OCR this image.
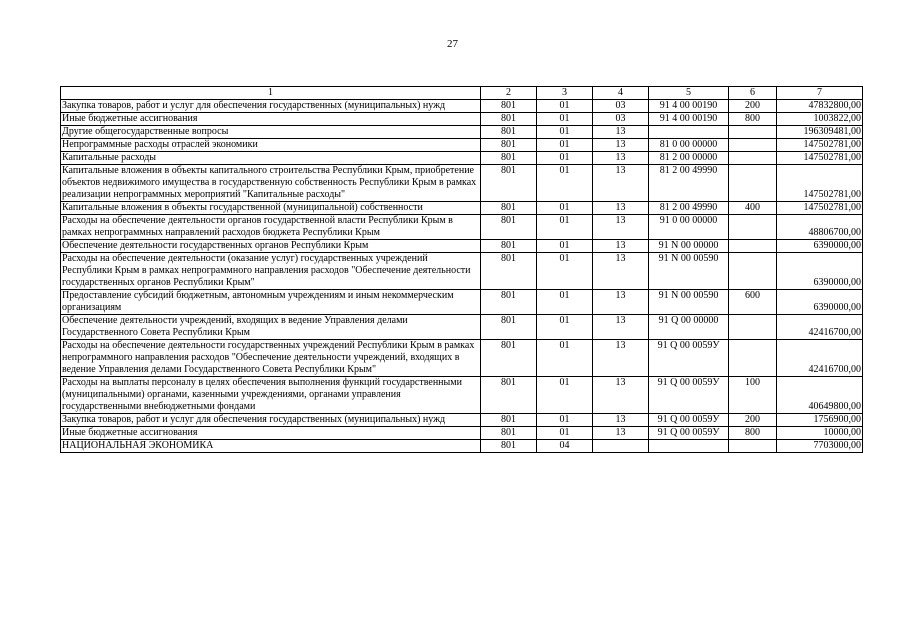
27
1	2	3	4	5	6	7
Закупка товаров, работ и услуг для обеспечения государственных (муниципальных) нужд	801	01	03	91 4 00 00190	200	47832800,00
Иные бюджетные ассигнования	801	01	03	91 4 00 00190	800	1003822,00
Другие общегосударственные вопросы	801	01	13			196309481,00
Непрограммные расходы отраслей экономики	801	01	13	81 0 00 00000		147502781,00
Капитальные расходы	801	01	13	81 2 00 00000		147502781,00
Капитальные вложения в объекты капитального строительства Республики Крым, приобретение объектов недвижимого имущества в государственную собственность Республики Крым в рамках реализации непрограммных мероприятий "Капитальные расходы"	801	01	13	81 2 00 49990		147502781,00
Капитальные вложения в объекты государственной (муниципальной) собственности	801	01	13	81 2 00 49990	400	147502781,00
Расходы на обеспечение деятельности органов государственной власти Республики Крым в рамках непрограммных направлений расходов бюджета Республики Крым	801	01	13	91 0 00 00000		48806700,00
Обеспечение деятельности государственных органов Республики Крым	801	01	13	91 N 00 00000		6390000,00
Расходы на обеспечение деятельности (оказание услуг) государственных учреждений Республики Крым в рамках непрограммного направления расходов "Обеспечение деятельности государственных органов Республики Крым"	801	01	13	91 N 00 00590		6390000,00
Предоставление субсидий бюджетным, автономным учреждениям и иным некоммерческим организациям	801	01	13	91 N 00 00590	600	6390000,00
Обеспечение деятельности учреждений, входящих в ведение Управления делами Государственного Совета Республики Крым	801	01	13	91 Q 00 00000		42416700,00
Расходы на обеспечение деятельности государственных учреждений Республики Крым в рамках непрограммного направления расходов "Обеспечение деятельности учреждений, входящих в ведение Управления делами Государственного Совета Республики Крым"	801	01	13	91 Q 00 0059У		42416700,00
Расходы на выплаты персоналу в целях обеспечения выполнения функций государственными (муниципальными) органами, казенными учреждениями, органами управления государственными внебюджетными фондами	801	01	13	91 Q 00 0059У	100	40649800,00
Закупка товаров, работ и услуг для обеспечения государственных (муниципальных) нужд	801	01	13	91 Q 00 0059У	200	1756900,00
Иные бюджетные ассигнования	801	01	13	91 Q 00 0059У	800	10000,00
НАЦИОНАЛЬНАЯ ЭКОНОМИКА	801	04				7703000,00
